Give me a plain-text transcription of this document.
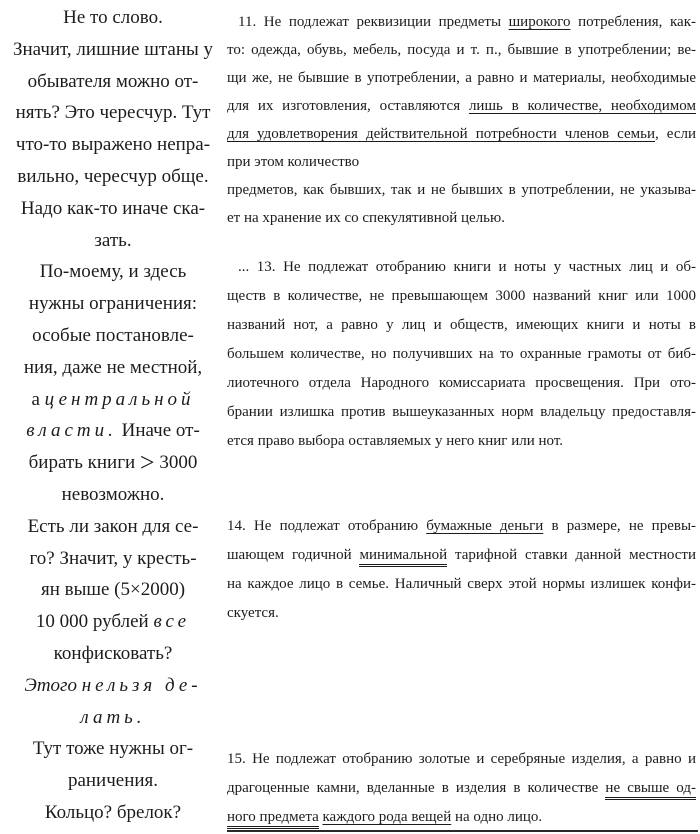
Не то слово.
Значит, лишние штаны у
обывателя можно от-
нять? Это чересчур. Тут
что-то выражено непра-
вильно, чересчур обще.
Надо как-то иначе ска-
зать.
По-моему, и здесь
нужны ограничения:
особые постановле-
ния, даже не местной,
а центральной
власти. Иначе от-
бирать книги > 3000
невозможно.
Есть ли закон для се-
го? Значит, у кресть-
ян выше (5×2000)
10 000 рублей все
конфисковать?
Этого нельзя де-
лать.
Тут тоже нужны ог-
раничения.
Кольцо? брелок?
11. Не подлежат реквизиции предметы широкого потребления, как-
то: одежда, обувь, мебель, посуда и т. п., бывшие в употреблении; ве-
щи же, не бывшие в употреблении, а равно и материалы, необходимые
для их изготовления, оставляются лишь в количестве, необходимом
для удовлетворения действительной потребности членов семьи, если
при этом количество
предметов, как бывших, так и не бывших в употреблении, не указыва-
ет на хранение их со спекулятивной целью.
... 13. Не подлежат отобранию книги и ноты у частных лиц и об-
ществ в количестве, не превышающем 3000 названий книг или 1000
названий нот, а равно у лиц и обществ, имеющих книги и ноты в
большем количестве, но получивших на то охранные грамоты от биб-
лиотечного отдела Народного комиссариата просвещения. При ото-
брании излишка против вышеуказанных норм владельцу предоставля-
ется право выбора оставляемых у него книг или нот.
14. Не подлежат отобранию бумажные деньги в размере, не превы-
шающем годичной минимальной тарифной ставки данной местности
на каждое лицо в семье. Наличный сверх этой нормы излишек конфи-
скуется.
15. Не подлежат отобранию золотые и серебряные изделия, а равно и
драгоценные камни, вделанные в изделия в количестве не свыше од-
ного предмета каждого рода вещей на одно лицо.
